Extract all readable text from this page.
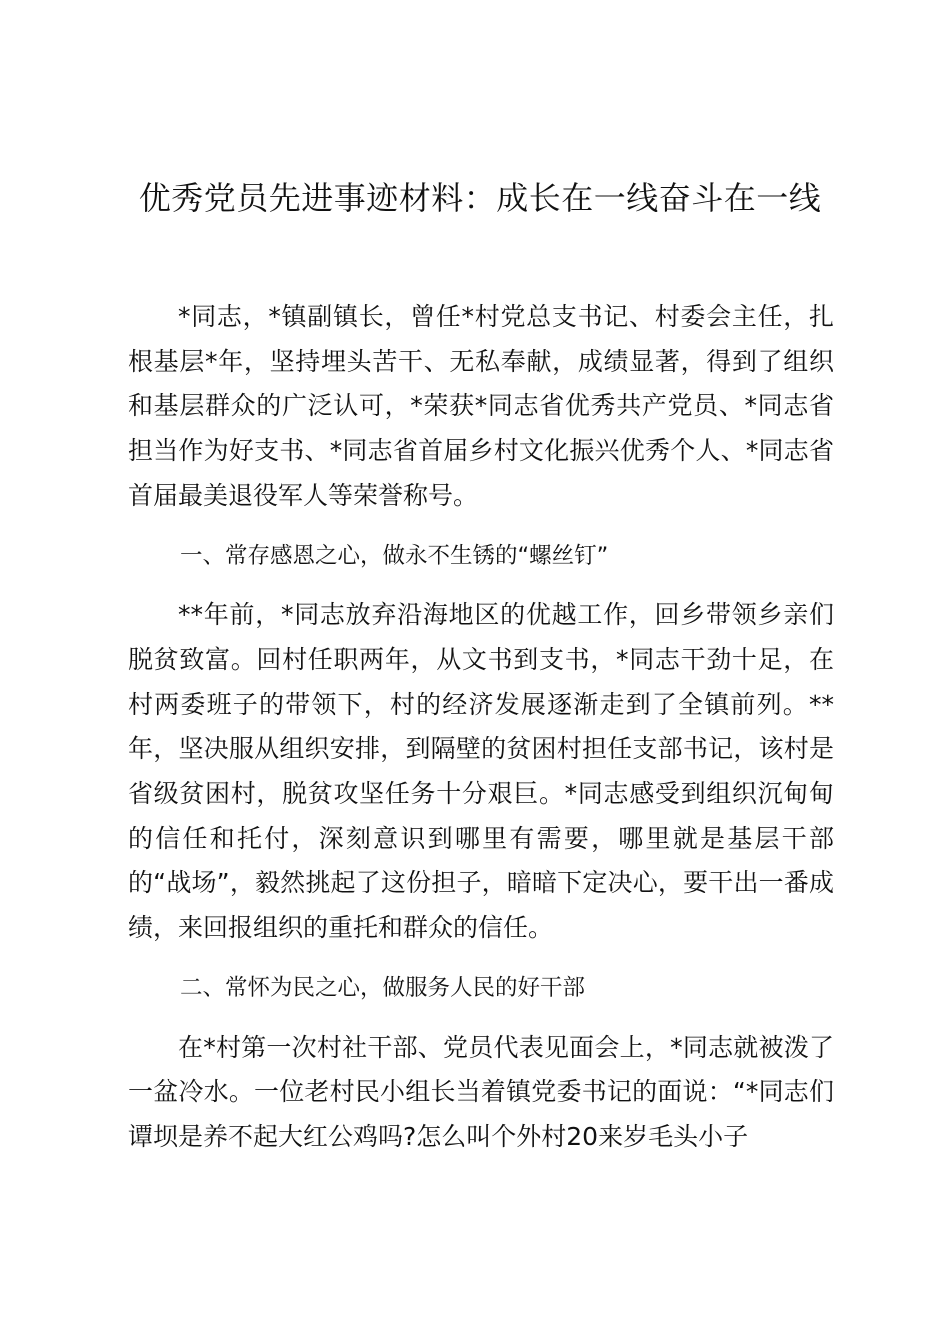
优秀党员先进事迹材料：成长在一线奋斗在一线

*同志，*镇副镇长，曾任*村党总支书记、村委会主任，扎根基层*年，坚持埋头苦干、无私奉献，成绩显著，得到了组织和基层群众的广泛认可，*荣获*同志省优秀共产党员、*同志省担当作为好支书、*同志省首届乡村文化振兴优秀个人、*同志省首届最美退役军人等荣誉称号。

一、常存感恩之心，做永不生锈的“螺丝钉”

**年前，*同志放弃沿海地区的优越工作，回乡带领乡亲们脱贫致富。回村任职两年，从文书到支书，*同志干劲十足，在村两委班子的带领下，村的经济发展逐渐走到了全镇前列。**年，坚决服从组织安排，到隔壁的贫困村担任支部书记，该村是省级贫困村，脱贫攻坚任务十分艰巨。*同志感受到组织沉甸甸的信任和托付，深刻意识到哪里有需要，哪里就是基层干部的“战场”，毅然挑起了这份担子，暗暗下定决心，要干出一番成绩，来回报组织的重托和群众的信任。

二、常怀为民之心，做服务人民的好干部

在*村第一次村社干部、党员代表见面会上，*同志就被泼了一盆冷水。一位老村民小组长当着镇党委书记的面说：“*同志们谭坝是养不起大红公鸡吗?怎么叫个外村20来岁毛头小子
